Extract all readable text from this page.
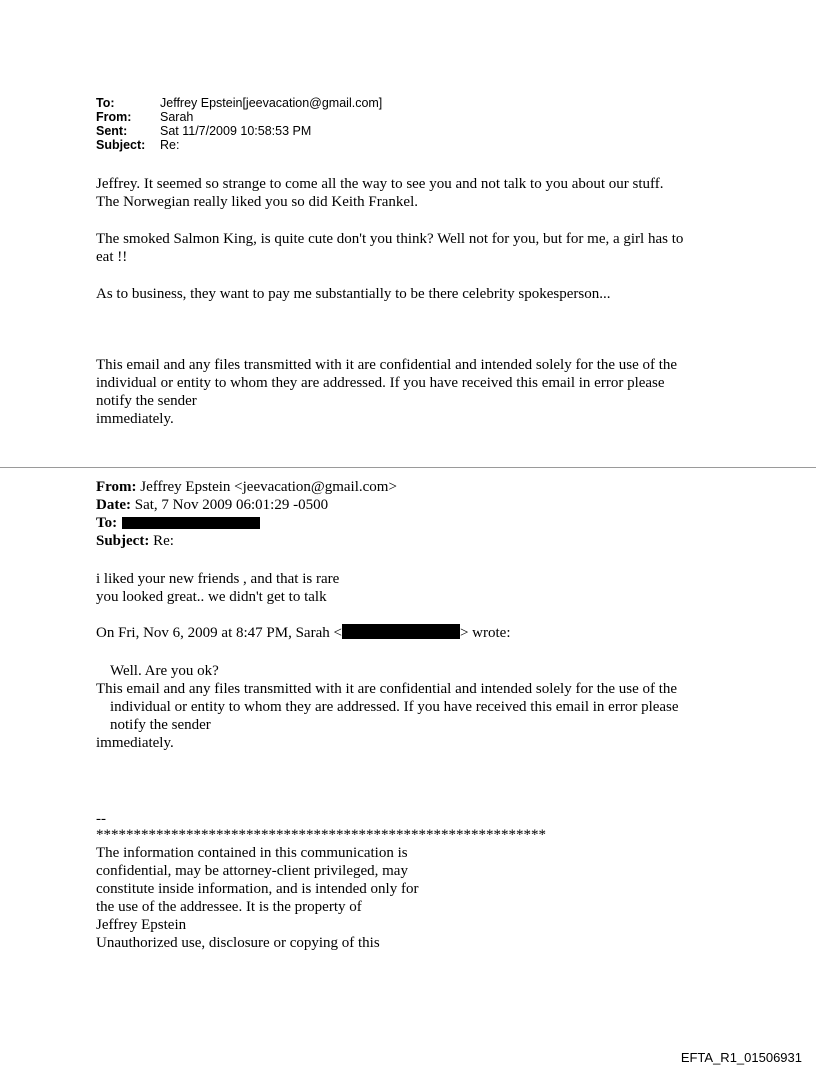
To:	Jeffrey Epstein[jeevacation@gmail.com]
From:	Sarah
Sent:	Sat 11/7/2009 10:58:53 PM
Subject:	Re:
Jeffrey. It seemed so strange to come all the way to see you and not talk to you about our stuff.
The Norwegian really liked you so did Keith Frankel.
The smoked Salmon King, is quite cute don't you think? Well not for you, but for me, a girl has to
eat !!
As to business, they want to pay me substantially to be there celebrity spokesperson...
This email and any files transmitted with it are confidential and intended solely for the use of the
individual or entity to whom they are addressed. If you have received this email in error please
notify the sender
immediately.
From: Jeffrey Epstein <jeevacation@gmail.com>
Date: Sat, 7 Nov 2009 06:01:29 -0500
To:
Subject: Re:
i liked your new friends , and that is rare
you looked great.. we didn't get to talk
On Fri, Nov 6, 2009 at 8:47 PM, Sarah <	> wrote:
Well. Are you ok?
This email and any files transmitted with it are confidential and intended solely for the use of the
individual or entity to whom they are addressed. If you have received this email in error please
notify the sender
immediately.
--
************************************************************
The information contained in this communication is
confidential, may be attorney-client privileged, may
constitute inside information, and is intended only for
the use of the addressee. It is the property of
Jeffrey Epstein
Unauthorized use, disclosure or copying of this
EFTA_R1_01506931
